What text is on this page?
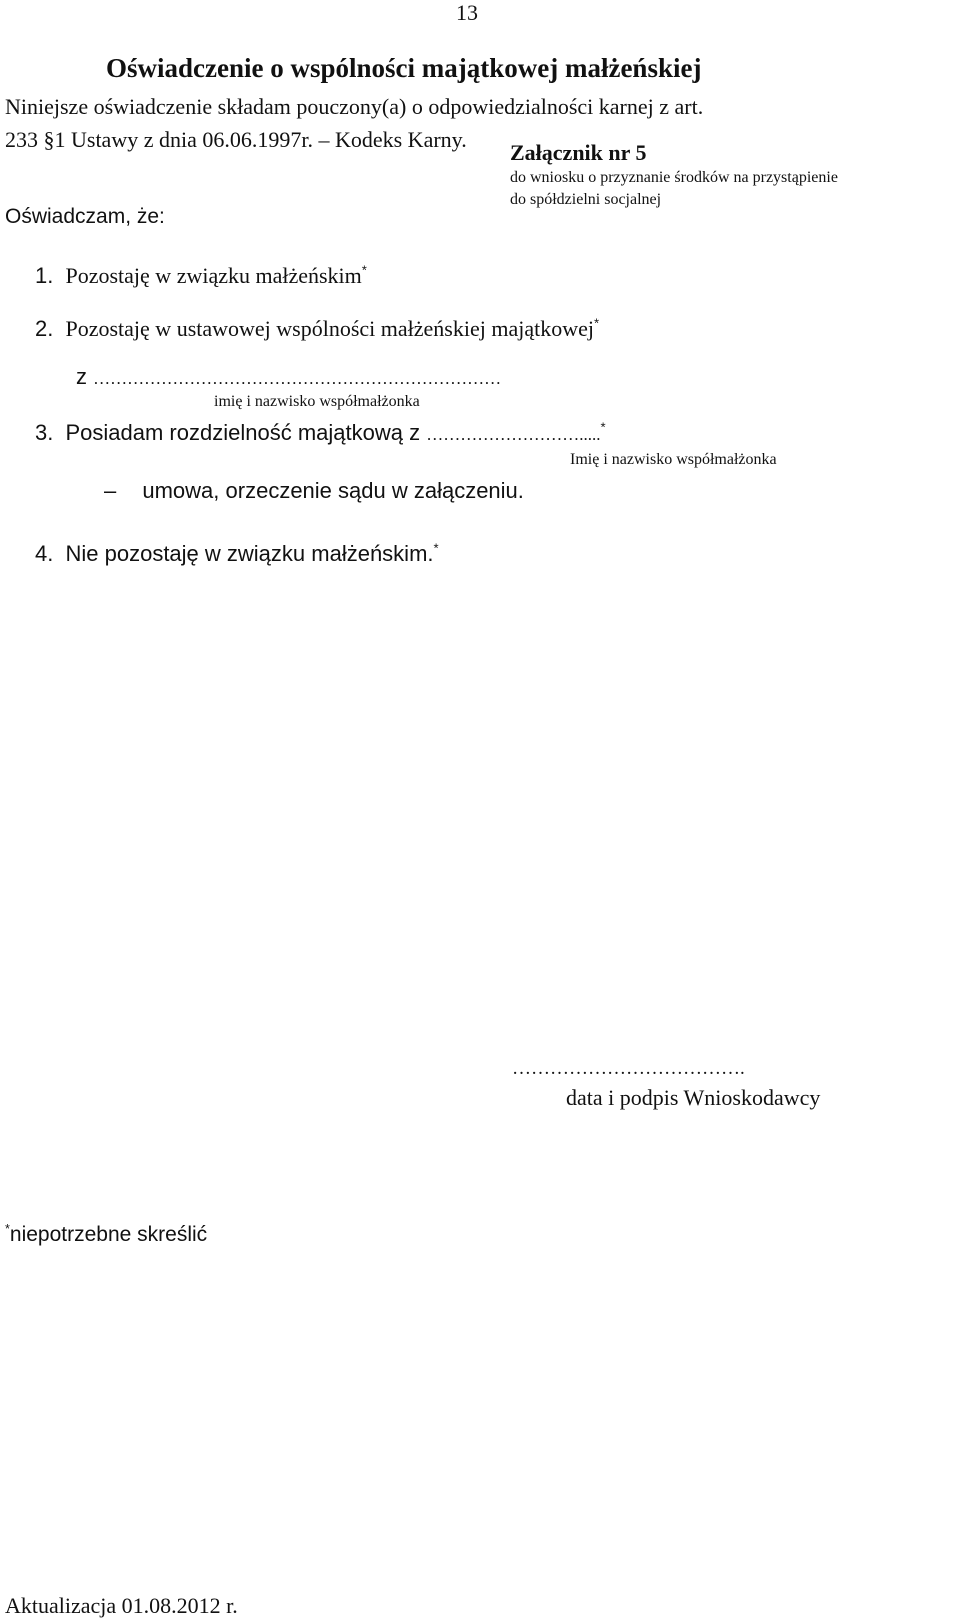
13
Załącznik nr 5
do wniosku o przyznanie środków na przystąpienie
do spółdzielni socjalnej
Oświadczenie o wspólności majątkowej małżeńskiej
Niniejsze oświadczenie składam pouczony(a) o odpowiedzialności karnej z art.
233 §1 Ustawy z dnia 06.06.1997r. – Kodeks Karny.
Oświadczam, że:
1. Pozostaję w związku małżeńskim*
2. Pozostaję w ustawowej wspólności małżeńskiej majątkowej*
z ………………………………………………………………
imię i nazwisko współmałżonka
3. Posiadam rozdzielność majątkową z ……………………….....*
Imię i nazwisko współmałżonka
– umowa, orzeczenie sądu w załączeniu.
4. Nie pozostaję w związku małżeńskim.*
……………………………….
data i podpis Wnioskodawcy
*niepotrzebne skreślić
Aktualizacja 01.08.2012 r.
